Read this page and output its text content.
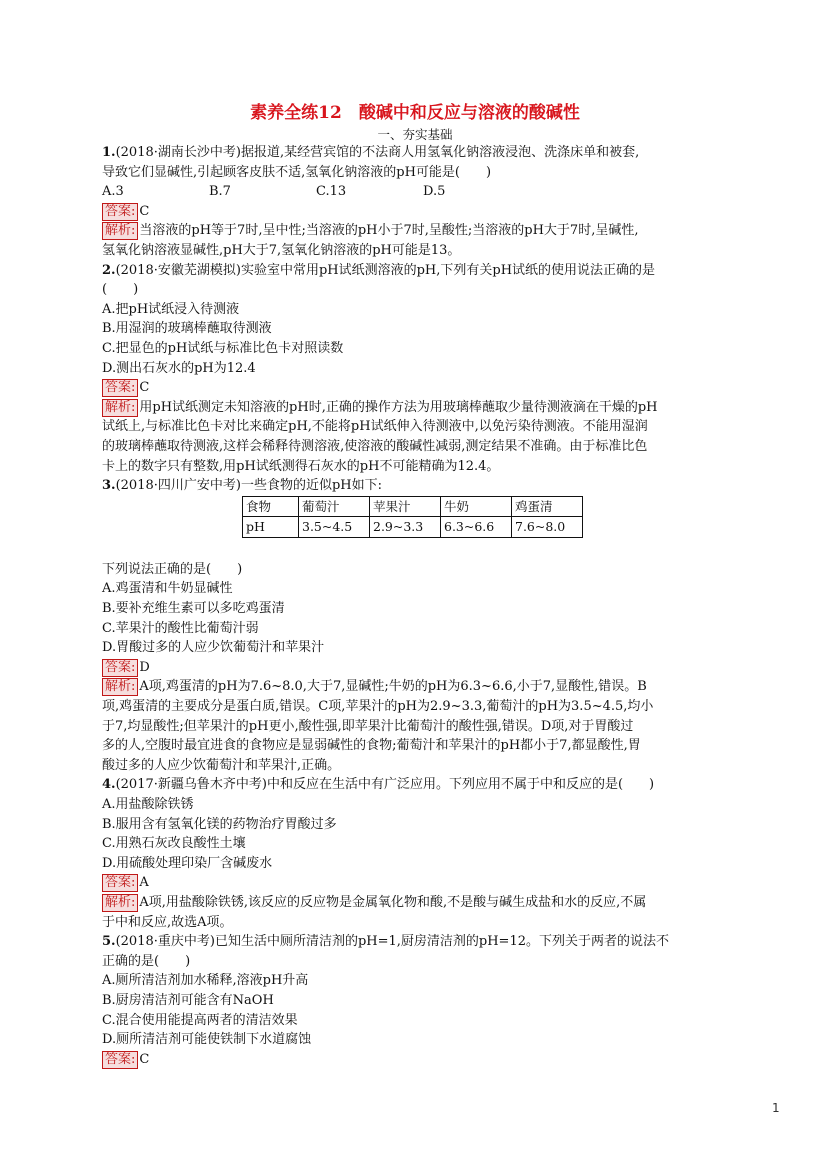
素养全练12　酸碱中和反应与溶液的酸碱性

一、夯实基础

1.(2018·湖南长沙中考)据报道,某经营宾馆的不法商人用氢氧化钠溶液浸泡、洗涤床单和被套,

导致它们显碱性,引起顾客皮肤不适,氢氧化钠溶液的pH可能是(　　)

A.3	B.7	C.13	D.5

答案: C

解析: 当溶液的pH等于7时,呈中性;当溶液的pH小于7时,呈酸性;当溶液的pH大于7时,呈碱性,

氢氧化钠溶液显碱性,pH大于7,氢氧化钠溶液的pH可能是13。

2.(2018·安徽芜湖模拟)实验室中常用pH试纸测溶液的pH,下列有关pH试纸的使用说法正确的是

(　　)

A.把pH试纸浸入待测液

B.用湿润的玻璃棒蘸取待测液

C.把显色的pH试纸与标准比色卡对照读数

D.测出石灰水的pH为12.4

答案: C

解析: 用pH试纸测定未知溶液的pH时,正确的操作方法为用玻璃棒蘸取少量待测液滴在干燥的pH

试纸上,与标准比色卡对比来确定pH,不能将pH试纸伸入待测液中,以免污染待测液。不能用湿润

的玻璃棒蘸取待测液,这样会稀释待测溶液,使溶液的酸碱性减弱,测定结果不准确。由于标准比色

卡上的数字只有整数,用pH试纸测得石灰水的pH不可能精确为12.4。

3.(2018·四川广安中考)一些食物的近似pH如下:

食物	葡萄汁	苹果汁	牛奶	鸡蛋清
pH	3.5~4.5	2.9~3.3	6.3~6.6	7.6~8.0

下列说法正确的是(　　)

A.鸡蛋清和牛奶显碱性

B.要补充维生素可以多吃鸡蛋清

C.苹果汁的酸性比葡萄汁弱

D.胃酸过多的人应少饮葡萄汁和苹果汁

答案: D

解析: A项,鸡蛋清的pH为7.6~8.0,大于7,显碱性;牛奶的pH为6.3~6.6,小于7,显酸性,错误。B

项,鸡蛋清的主要成分是蛋白质,错误。C项,苹果汁的pH为2.9~3.3,葡萄汁的pH为3.5~4.5,均小

于7,均显酸性;但苹果汁的pH更小,酸性强,即苹果汁比葡萄汁的酸性强,错误。D项,对于胃酸过

多的人,空腹时最宜进食的食物应是显弱碱性的食物;葡萄汁和苹果汁的pH都小于7,都显酸性,胃

酸过多的人应少饮葡萄汁和苹果汁,正确。

4.(2017·新疆乌鲁木齐中考)中和反应在生活中有广泛应用。下列应用不属于中和反应的是(　　)

A.用盐酸除铁锈

B.服用含有氢氧化镁的药物治疗胃酸过多

C.用熟石灰改良酸性土壤

D.用硫酸处理印染厂含碱废水

答案: A

解析: A项,用盐酸除铁锈,该反应的反应物是金属氧化物和酸,不是酸与碱生成盐和水的反应,不属

于中和反应,故选A项。

5.(2018·重庆中考)已知生活中厕所清洁剂的pH=1,厨房清洁剂的pH=12。下列关于两者的说法不

正确的是(　　)

A.厕所清洁剂加水稀释,溶液pH升高

B.厨房清洁剂可能含有NaOH

C.混合使用能提高两者的清洁效果

D.厕所清洁剂可能使铁制下水道腐蚀

答案: C

1
